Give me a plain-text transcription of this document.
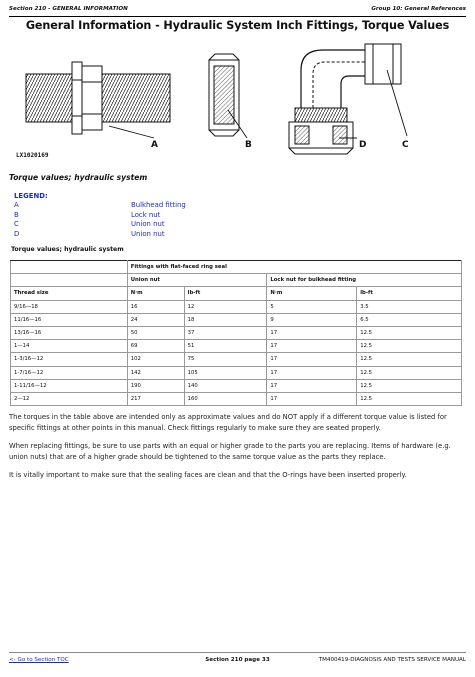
Section 210 - GENERAL INFORMATION	Group 10: General References
General Information - Hydraulic System Inch Fittings, Torque Values
A	B	D	C
LX1020169
Torque values; hydraulic system
LEGEND:
A	Bulkhead fitting
B	Lock nut
C	Union nut
D	Union nut
Torque values; hydraulic system
	Fittings with flat-faced ring seal			
	Union nut		Lock nut for bulkhead fitting	
Thread size	N·m	lb-ft	N·m	lb-ft
9/16—18	16	12	5	3.5
11/16—16	24	18	9	6.5
13/16—16	50	37	17	12.5
1—14	69	51	17	12.5
1-3/16—12	102	75	17	12.5
1-7/16—12	142	105	17	12.5
1-11/16—12	190	140	17	12.5
2—12	217	160	17	12.5

The torques in the table above are intended only as approximate values and do NOT apply if a different torque value is listed for specific fittings at other points in this manual. Check fittings regularly to make sure they are seated properly.

When replacing fittings, be sure to use parts with an equal or higher grade to the parts you are replacing. Items of hardware (e.g. union nuts) that are of a higher grade should be tightened to the same torque value as the parts they replace.

It is vitally important to make sure that the sealing faces are clean and that the O-rings have been inserted properly.

Section 210 page 33
<- Go to Section TOC	TM400419-DIAGNOSIS AND TESTS SERVICE MANUAL
